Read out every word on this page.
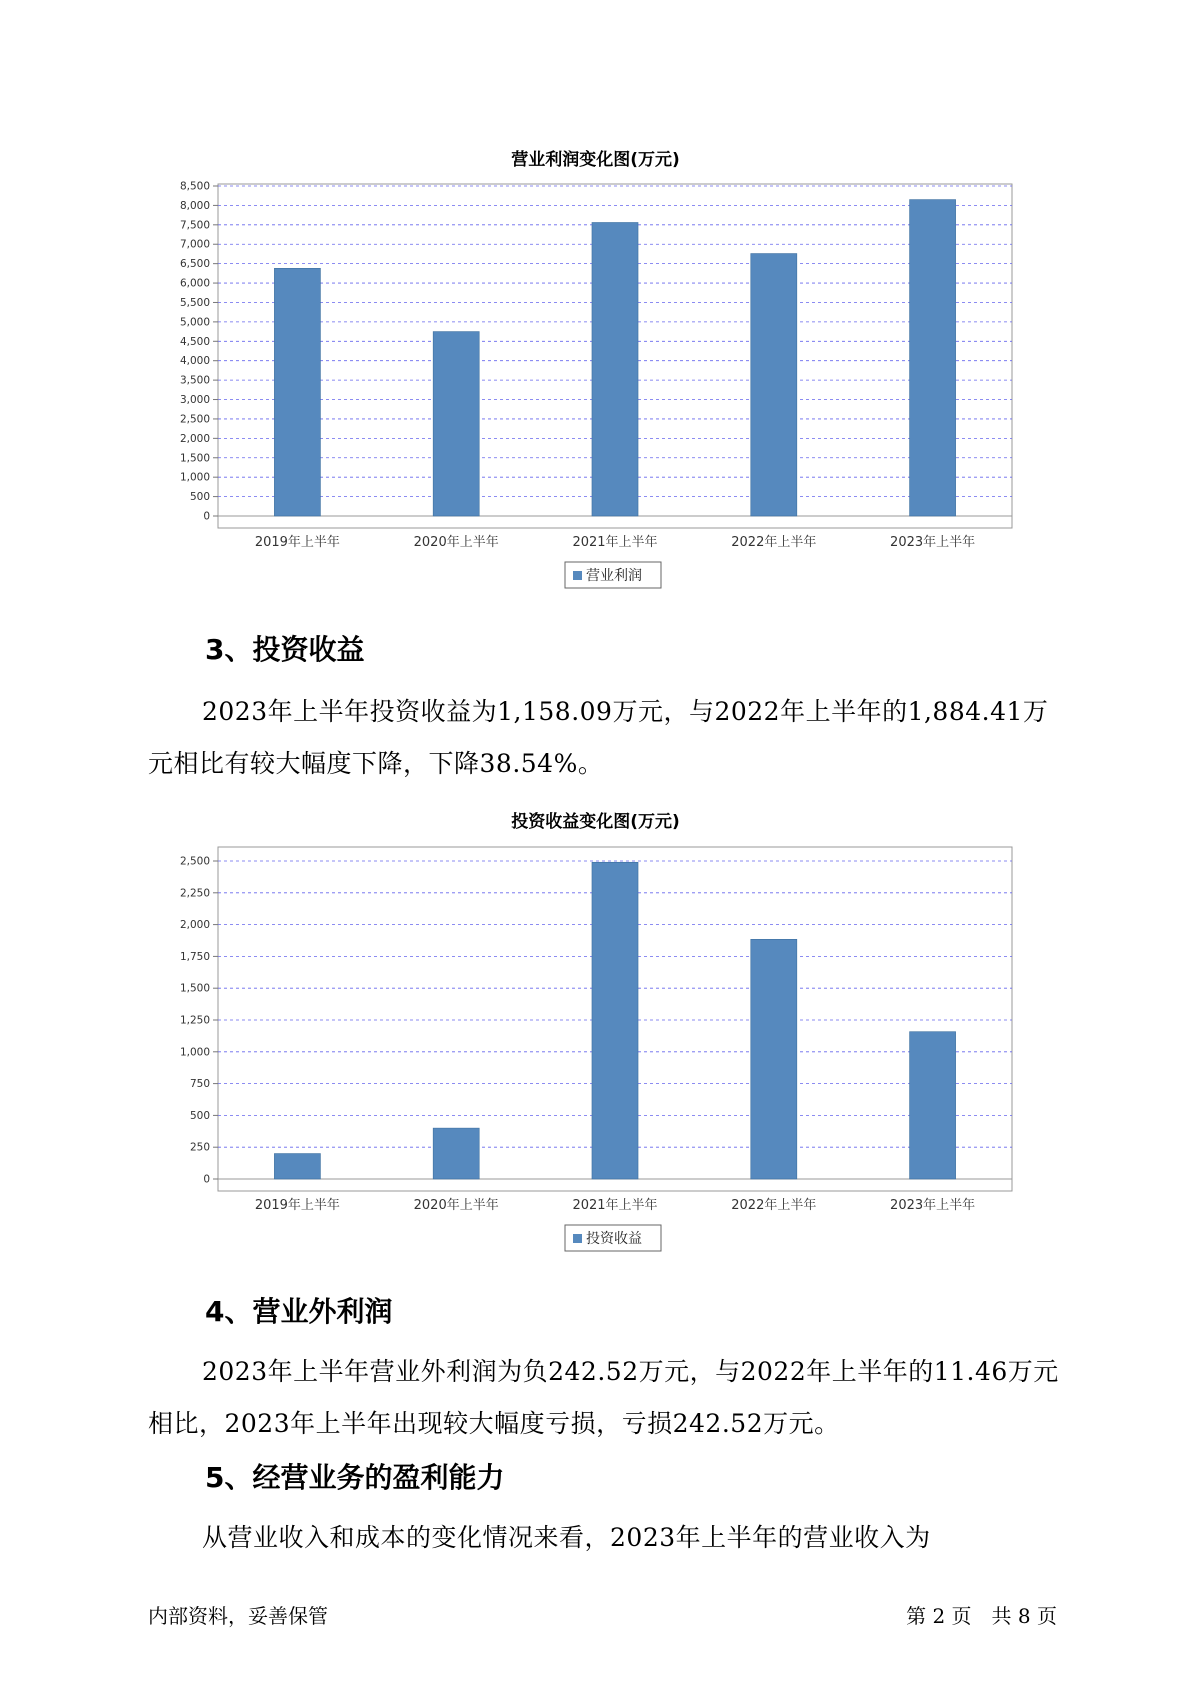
营业利润变化图(万元)
0
500
1,000
1,500
2,000
2,500
3,000
3,500
4,000
4,500
5,000
5,500
6,000
6,500
7,000
7,500
8,000
8,500
2019年上半年	2020年上半年	2021年上半年	2022年上半年	2023年上半年
营业利润
3、投资收益
2023年上半年投资收益为1,158.09万元，与2022年上半年的1,884.41万元相比有较大幅度下降，下降38.54%。
投资收益变化图(万元)
0
250
500
750
1,000
1,250
1,500
1,750
2,000
2,250
2,500
2019年上半年	2020年上半年	2021年上半年	2022年上半年	2023年上半年
投资收益
4、营业外利润
2023年上半年营业外利润为负242.52万元，与2022年上半年的11.46万元相比，2023年上半年出现较大幅度亏损，亏损242.52万元。
5、经营业务的盈利能力
从营业收入和成本的变化情况来看，2023年上半年的营业收入为
内部资料，妥善保管	第 2 页　共 8 页
